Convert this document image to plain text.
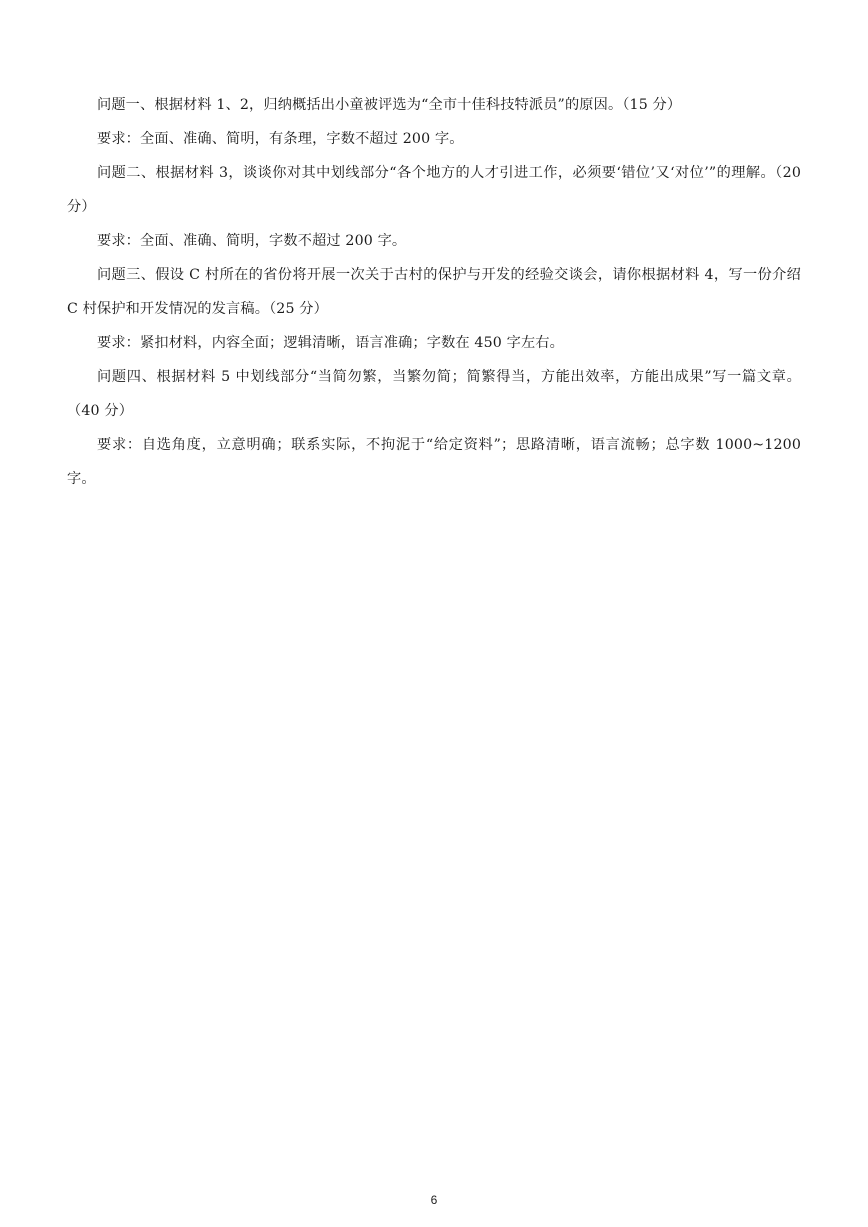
问题一、根据材料 1、2，归纳概括出小童被评选为“全市十佳科技特派员”的原因。（15 分）

要求：全面、准确、简明，有条理，字数不超过 200 字。

问题二、根据材料 3，谈谈你对其中划线部分“各个地方的人才引进工作，必须要‘错位’又‘对位’”的理解。（20 分）

要求：全面、准确、简明，字数不超过 200 字。

问题三、假设 C 村所在的省份将开展一次关于古村的保护与开发的经验交谈会，请你根据材料 4，写一份介绍 C 村保护和开发情况的发言稿。（25 分）

要求：紧扣材料，内容全面；逻辑清晰，语言准确；字数在 450 字左右。

问题四、根据材料 5 中划线部分“当简勿繁，当繁勿简；简繁得当，方能出效率，方能出成果”写一篇文章。（40 分）

要求：自选角度，立意明确；联系实际，不拘泥于“给定资料”；思路清晰，语言流畅；总字数 1000~1200 字。

6
